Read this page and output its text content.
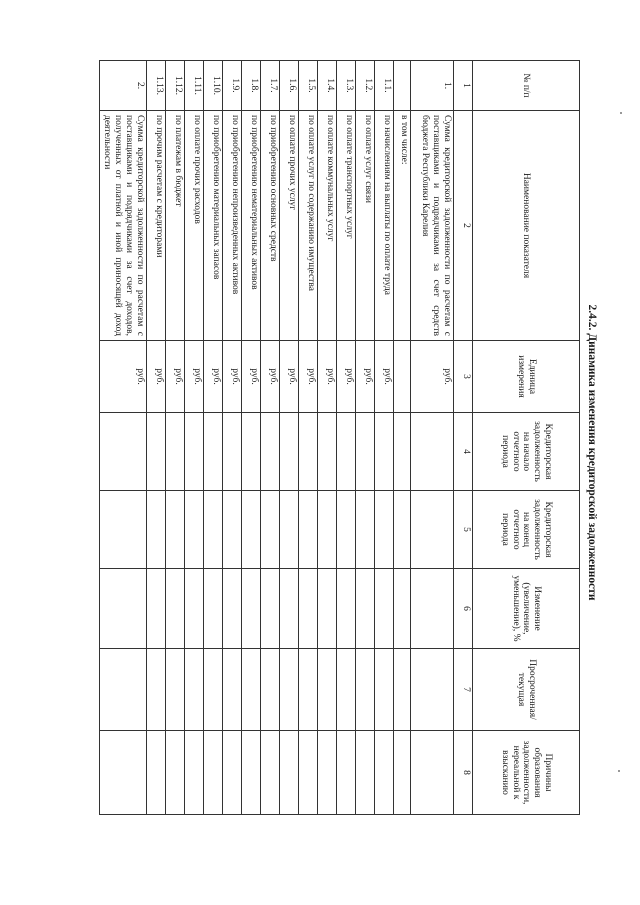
2.4.2. Динамика изменения кредиторской задолженности
№ п/п	Наименование показателя	Единица измерения	Кредиторская задолженность на начало отчетного периода	Кредиторская задолженность на конец отчетного периода	Изменение (увеличение, уменьшение), %	Просроченная/ текущая	Причины образования задолженности, нереальной к взысканию
1	2	3	4	5	6	7	8
1.	Сумма кредиторской задолженности по расчетам с поставщиками и подрядчиками за счет средств бюджета Республики Карелия	руб.					
	в том числе:						
1.1.	по начислениям на выплаты по оплате труда	руб.					
1.2.	по оплате услуг связи	руб.					
1.3.	по оплате транспортных услуг	руб.					
1.4.	по оплате коммунальных услуг	руб.					
1.5.	по оплате услуг по содержанию имущества	руб.					
1.6.	по оплате прочих услуг	руб.					
1.7.	по приобретению основных средств	руб.					
1.8.	по приобретению нематериальных активов	руб.					
1.9.	по приобретению непроизведенных активов	руб.					
1.10.	по приобретению материальных запасов	руб.					
1.11.	по оплате прочих расходов	руб.					
1.12.	по платежам в бюджет	руб.					
1.13.	по прочим расчетам с кредиторами	руб.					
2.	Сумма кредиторской задолженности по расчетам с поставщиками и подрядчиками за счет доходов, полученных от платной и иной приносящей доход деятельности	руб.					
